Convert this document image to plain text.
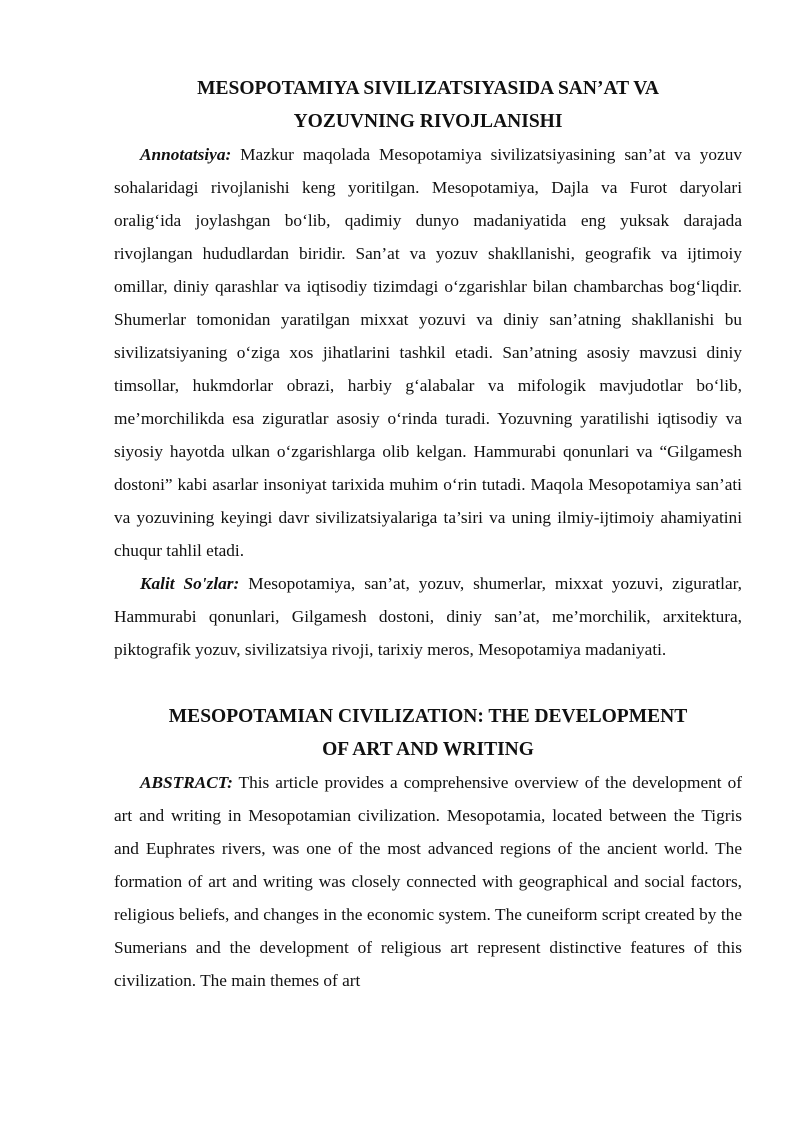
MESOPOTAMIYA SIVILIZATSIYASIDA SAN’AT VA
YOZUVNING RIVOJLANISHI

Annotatsiya: Mazkur maqolada Mesopotamiya sivilizatsiyasining san’at va yozuv sohalaridagi rivojlanishi keng yoritilgan. Mesopotamiya, Dajla va Furot daryolari oralig‘ida joylashgan bo‘lib, qadimiy dunyo madaniyatida eng yuksak darajada rivojlangan hududlardan biridir. San’at va yozuv shakllanishi, geografik va ijtimoiy omillar, diniy qarashlar va iqtisodiy tizimdagi o‘zgarishlar bilan chambarchas bog‘liqdir. Shumerlar tomonidan yaratilgan mixxat yozuvi va diniy san’atning shakllanishi bu sivilizatsiyaning o‘ziga xos jihatlarini tashkil etadi. San’atning asosiy mavzusi diniy timsollar, hukmdorlar obrazi, harbiy g‘alabalar va mifologik mavjudotlar bo‘lib, me’morchilikda esa ziguratlar asosiy o‘rinda turadi. Yozuvning yaratilishi iqtisodiy va siyosiy hayotda ulkan o‘zgarishlarga olib kelgan. Hammurabi qonunlari va “Gilgamesh dostoni” kabi asarlar insoniyat tarixida muhim o‘rin tutadi. Maqola Mesopotamiya san’ati va yozuvining keyingi davr sivilizatsiyalariga ta’siri va uning ilmiy-ijtimoiy ahamiyatini chuqur tahlil etadi.

Kalit So'zlar: Mesopotamiya, san’at, yozuv, shumerlar, mixxat yozuvi, ziguratlar, Hammurabi qonunlari, Gilgamesh dostoni, diniy san’at, me’morchilik, arxitektura, piktografik yozuv, sivilizatsiya rivoji, tarixiy meros, Mesopotamiya madaniyati.

MESOPOTAMIAN CIVILIZATION: THE DEVELOPMENT
OF ART AND WRITING

ABSTRACT: This article provides a comprehensive overview of the development of art and writing in Mesopotamian civilization. Mesopotamia, located between the Tigris and Euphrates rivers, was one of the most advanced regions of the ancient world. The formation of art and writing was closely connected with geographical and social factors, religious beliefs, and changes in the economic system. The cuneiform script created by the Sumerians and the development of religious art represent distinctive features of this civilization. The main themes of art
